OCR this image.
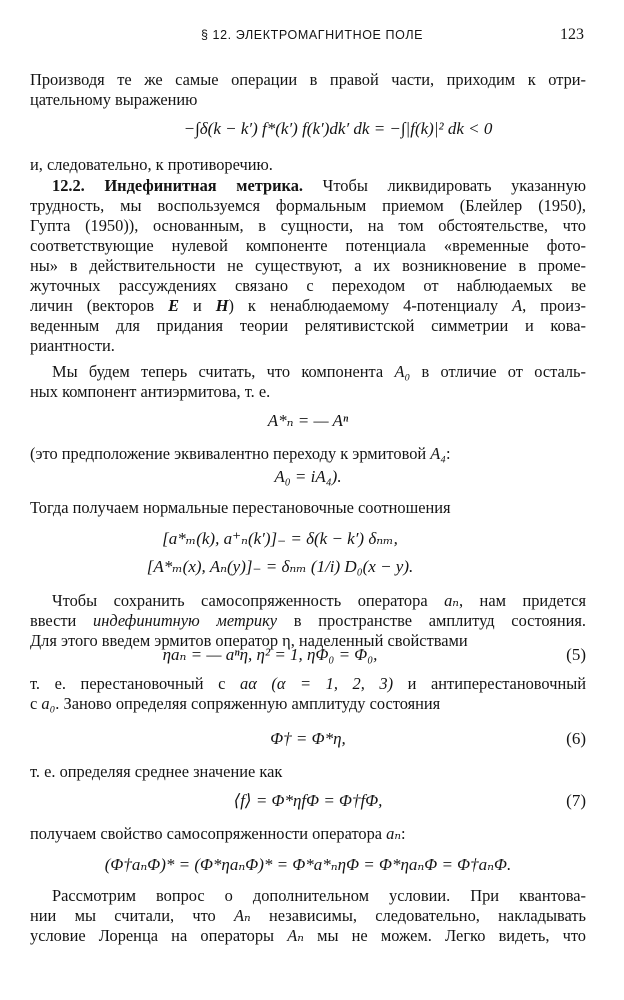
§ 12. ЭЛЕКТРОМАГНИТНОЕ ПОЛЕ	123
Производя те же самые операции в правой части, приходим к отри-
цательному выражению
−∫δ(k − k′) f*(k′) f(k′)dk′ dk = −∫|f(k)|² dk < 0
и, следовательно, к противоречию.
12.2. Индефинитная метрика. Чтобы ликвидировать указанную
трудность, мы воспользуемся формальным приемом (Блейлер (1950),
Гупта (1950)), основанным, в сущности, на том обстоятельстве, что
соответствующие нулевой компоненте потенциала «временные фото-
ны» в действительности не существуют, а их возникновение в проме-
жуточных рассуждениях связано с переходом от наблюдаемых ве
личин (векторов E и H) к ненаблюдаемому 4-потенциалу A, произ-
веденным для придания теории релятивистской симметрии и кова-
риантности.
Мы будем теперь считать, что компонента A₀ в отличие от осталь-
ных компонент антиэрмитова, т. е.
A*ₙ = — Aⁿ
(это предположение эквивалентно переходу к эрмитовой A₄:
A₀ = iA₄).
Тогда получаем нормальные перестановочные соотношения
[a*ₘ(k), a⁺ₙ(k′)]₋ = δ(k − k′) δₙₘ,
[A*ₘ(x), Aₙ(y)]₋ = δₙₘ (1/i) D₀(x − y).
Чтобы сохранить самосопряженность оператора aₙ, нам придется
ввести индефинитную метрику в пространстве амплитуд состояния.
Для этого введем эрмитов оператор η, наделенный свойствами
ηaₙ = — aⁿη, η² = 1, ηΦ₀ = Φ₀,	(5)
т. е. перестановочный с aα (α = 1, 2, 3) и антиперестановочный
с a₀. Заново определяя сопряженную амплитуду состояния
Φ† = Φ*η,	(6)
т. е. определяя среднее значение как
⟨f⟩ = Φ*ηfΦ = Φ†fΦ,	(7)
получаем свойство самосопряженности оператора aₙ:
(Φ†aₙΦ)* = (Φ*ηaₙΦ)* = Φ*a*ₙηΦ = Φ*ηaₙΦ = Φ†aₙΦ.
Рассмотрим вопрос о дополнительном условии. При квантова-
нии мы считали, что Aₙ независимы, следовательно, накладывать
условие Лоренца на операторы Aₙ мы не можем. Легко видеть, что
